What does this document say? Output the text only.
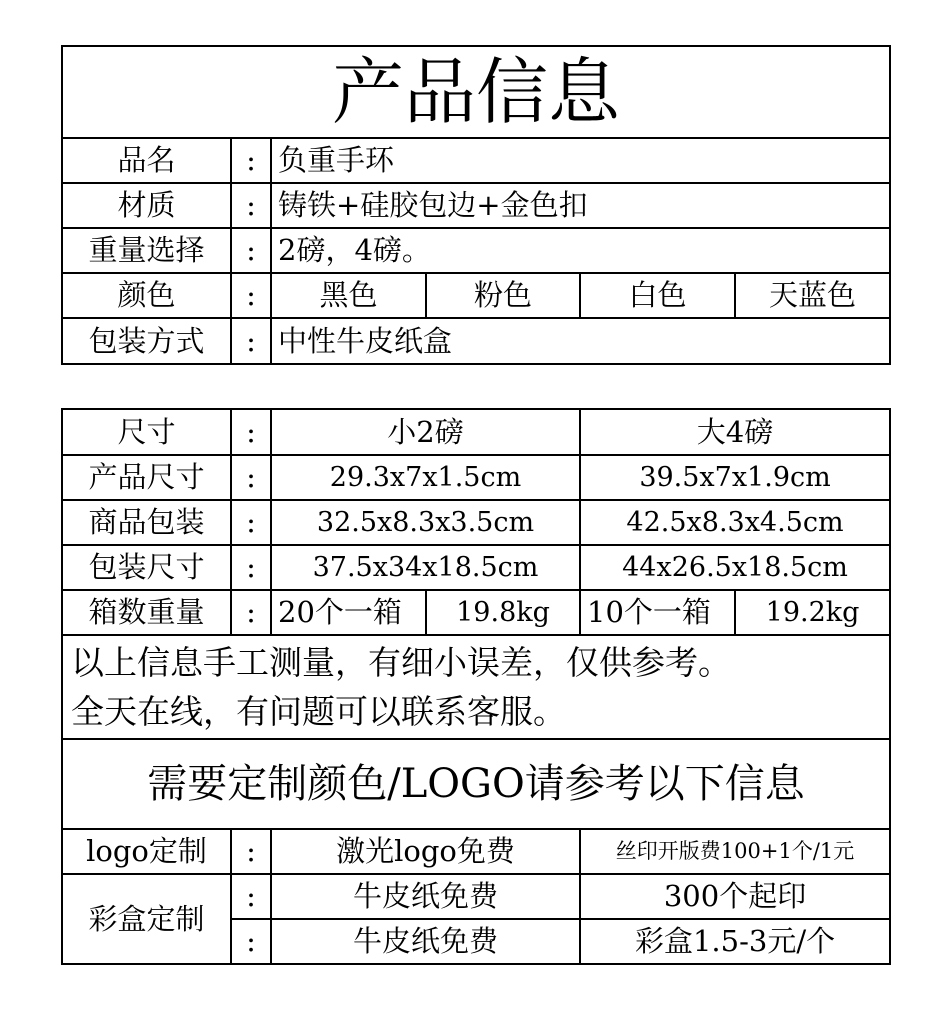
产品信息					
品名	:	负重手环			
材质	:	铸铁+硅胶包边+金色扣			
重量选择	:	2磅，4磅。			
颜色	:	黑色	粉色	白色	天蓝色
包装方式	:	中性牛皮纸盒			
尺寸	:	小2磅		大4磅	
产品尺寸	:	29.3x7x1.5cm		39.5x7x1.9cm	
商品包装	:	32.5x8.3x3.5cm		42.5x8.3x4.5cm	
包装尺寸	:	37.5x34x18.5cm		44x26.5x18.5cm	
箱数重量	:	20个一箱	19.8kg	10个一箱	19.2kg

以上信息手工测量，有细小误差，仅供参考。
全天在线，有问题可以联系客服。					

需要定制颜色/LOGO请参考以下信息					
logo定制	:	激光logo免费		丝印开版费100+1个/1元	
彩盒定制	:	牛皮纸免费		300个起印	
	:	牛皮纸免费		彩盒1.5-3元/个	
